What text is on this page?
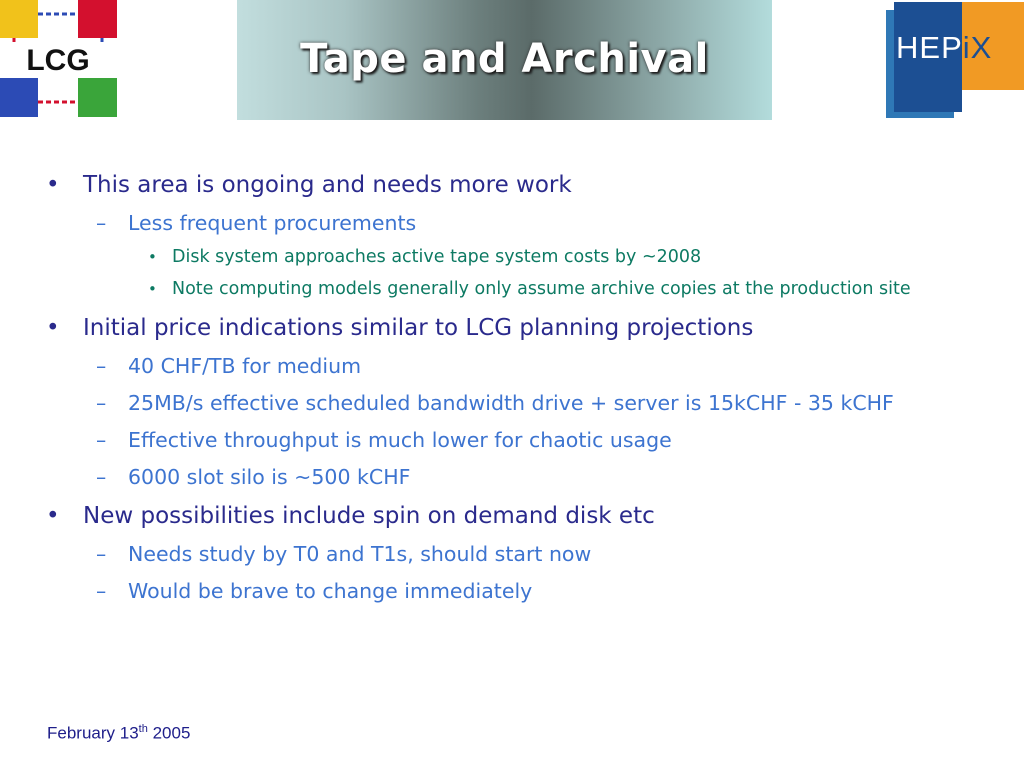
LCG	Tape and Archival	HEPiX
• This area is ongoing and needs more work
– Less frequent procurements
• Disk system approaches active tape system costs by ~2008
• Note computing models generally only assume archive copies at the production site
• Initial price indications similar to LCG planning projections
– 40 CHF/TB for medium
– 25MB/s effective scheduled bandwidth drive + server is 15kCHF - 35 kCHF
– Effective throughput is much lower for chaotic usage
– 6000 slot silo is ~500 kCHF
• New possibilities include spin on demand disk etc
– Needs study by T0 and T1s, should start now
– Would be brave to change immediately
February 13th 2005
